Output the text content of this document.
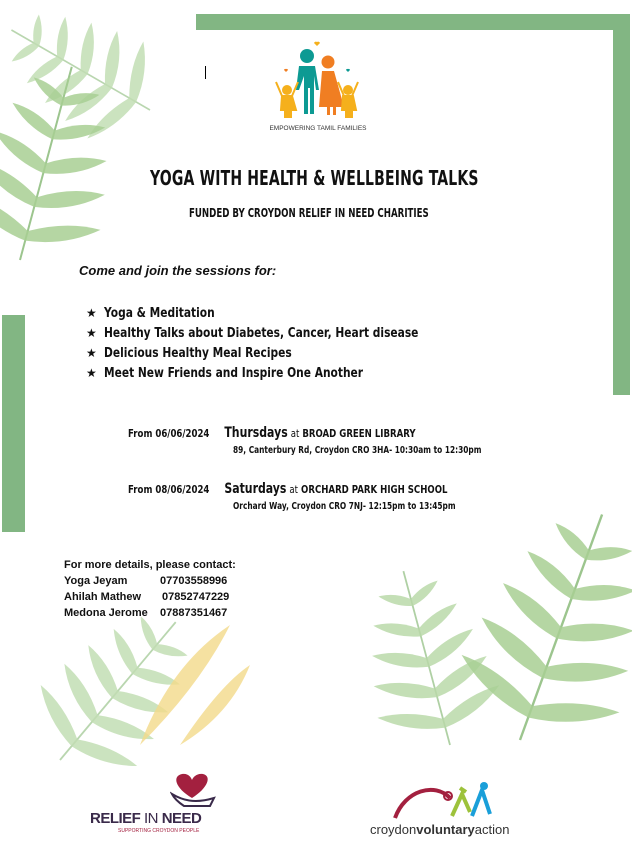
EMPOWERING TAMIL FAMILIES
YOGA WITH HEALTH & WELLBEING TALKS
FUNDED BY CROYDON RELIEF IN NEED CHARITIES
Come and join the sessions for:
★ Yoga & Meditation
★ Healthy Talks about Diabetes, Cancer, Heart disease
★ Delicious Healthy Meal Recipes
★ Meet New Friends and Inspire One Another
From 06/06/2024 Thursdays at BROAD GREEN LIBRARY
89, Canterbury Rd, Croydon CRO 3HA- 10:30am to 12:30pm
From 08/06/2024 Saturdays at ORCHARD PARK HIGH SCHOOL
Orchard Way, Croydon CRO 7NJ- 12:15pm to 13:45pm
For more details, please contact:
Yoga Jeyam	07703558996
Ahilah Mathew	07852747229
Medona Jerome	07887351467
RELIEF IN NEED
SUPPORTING CROYDON PEOPLE	croydonvoluntaryaction
